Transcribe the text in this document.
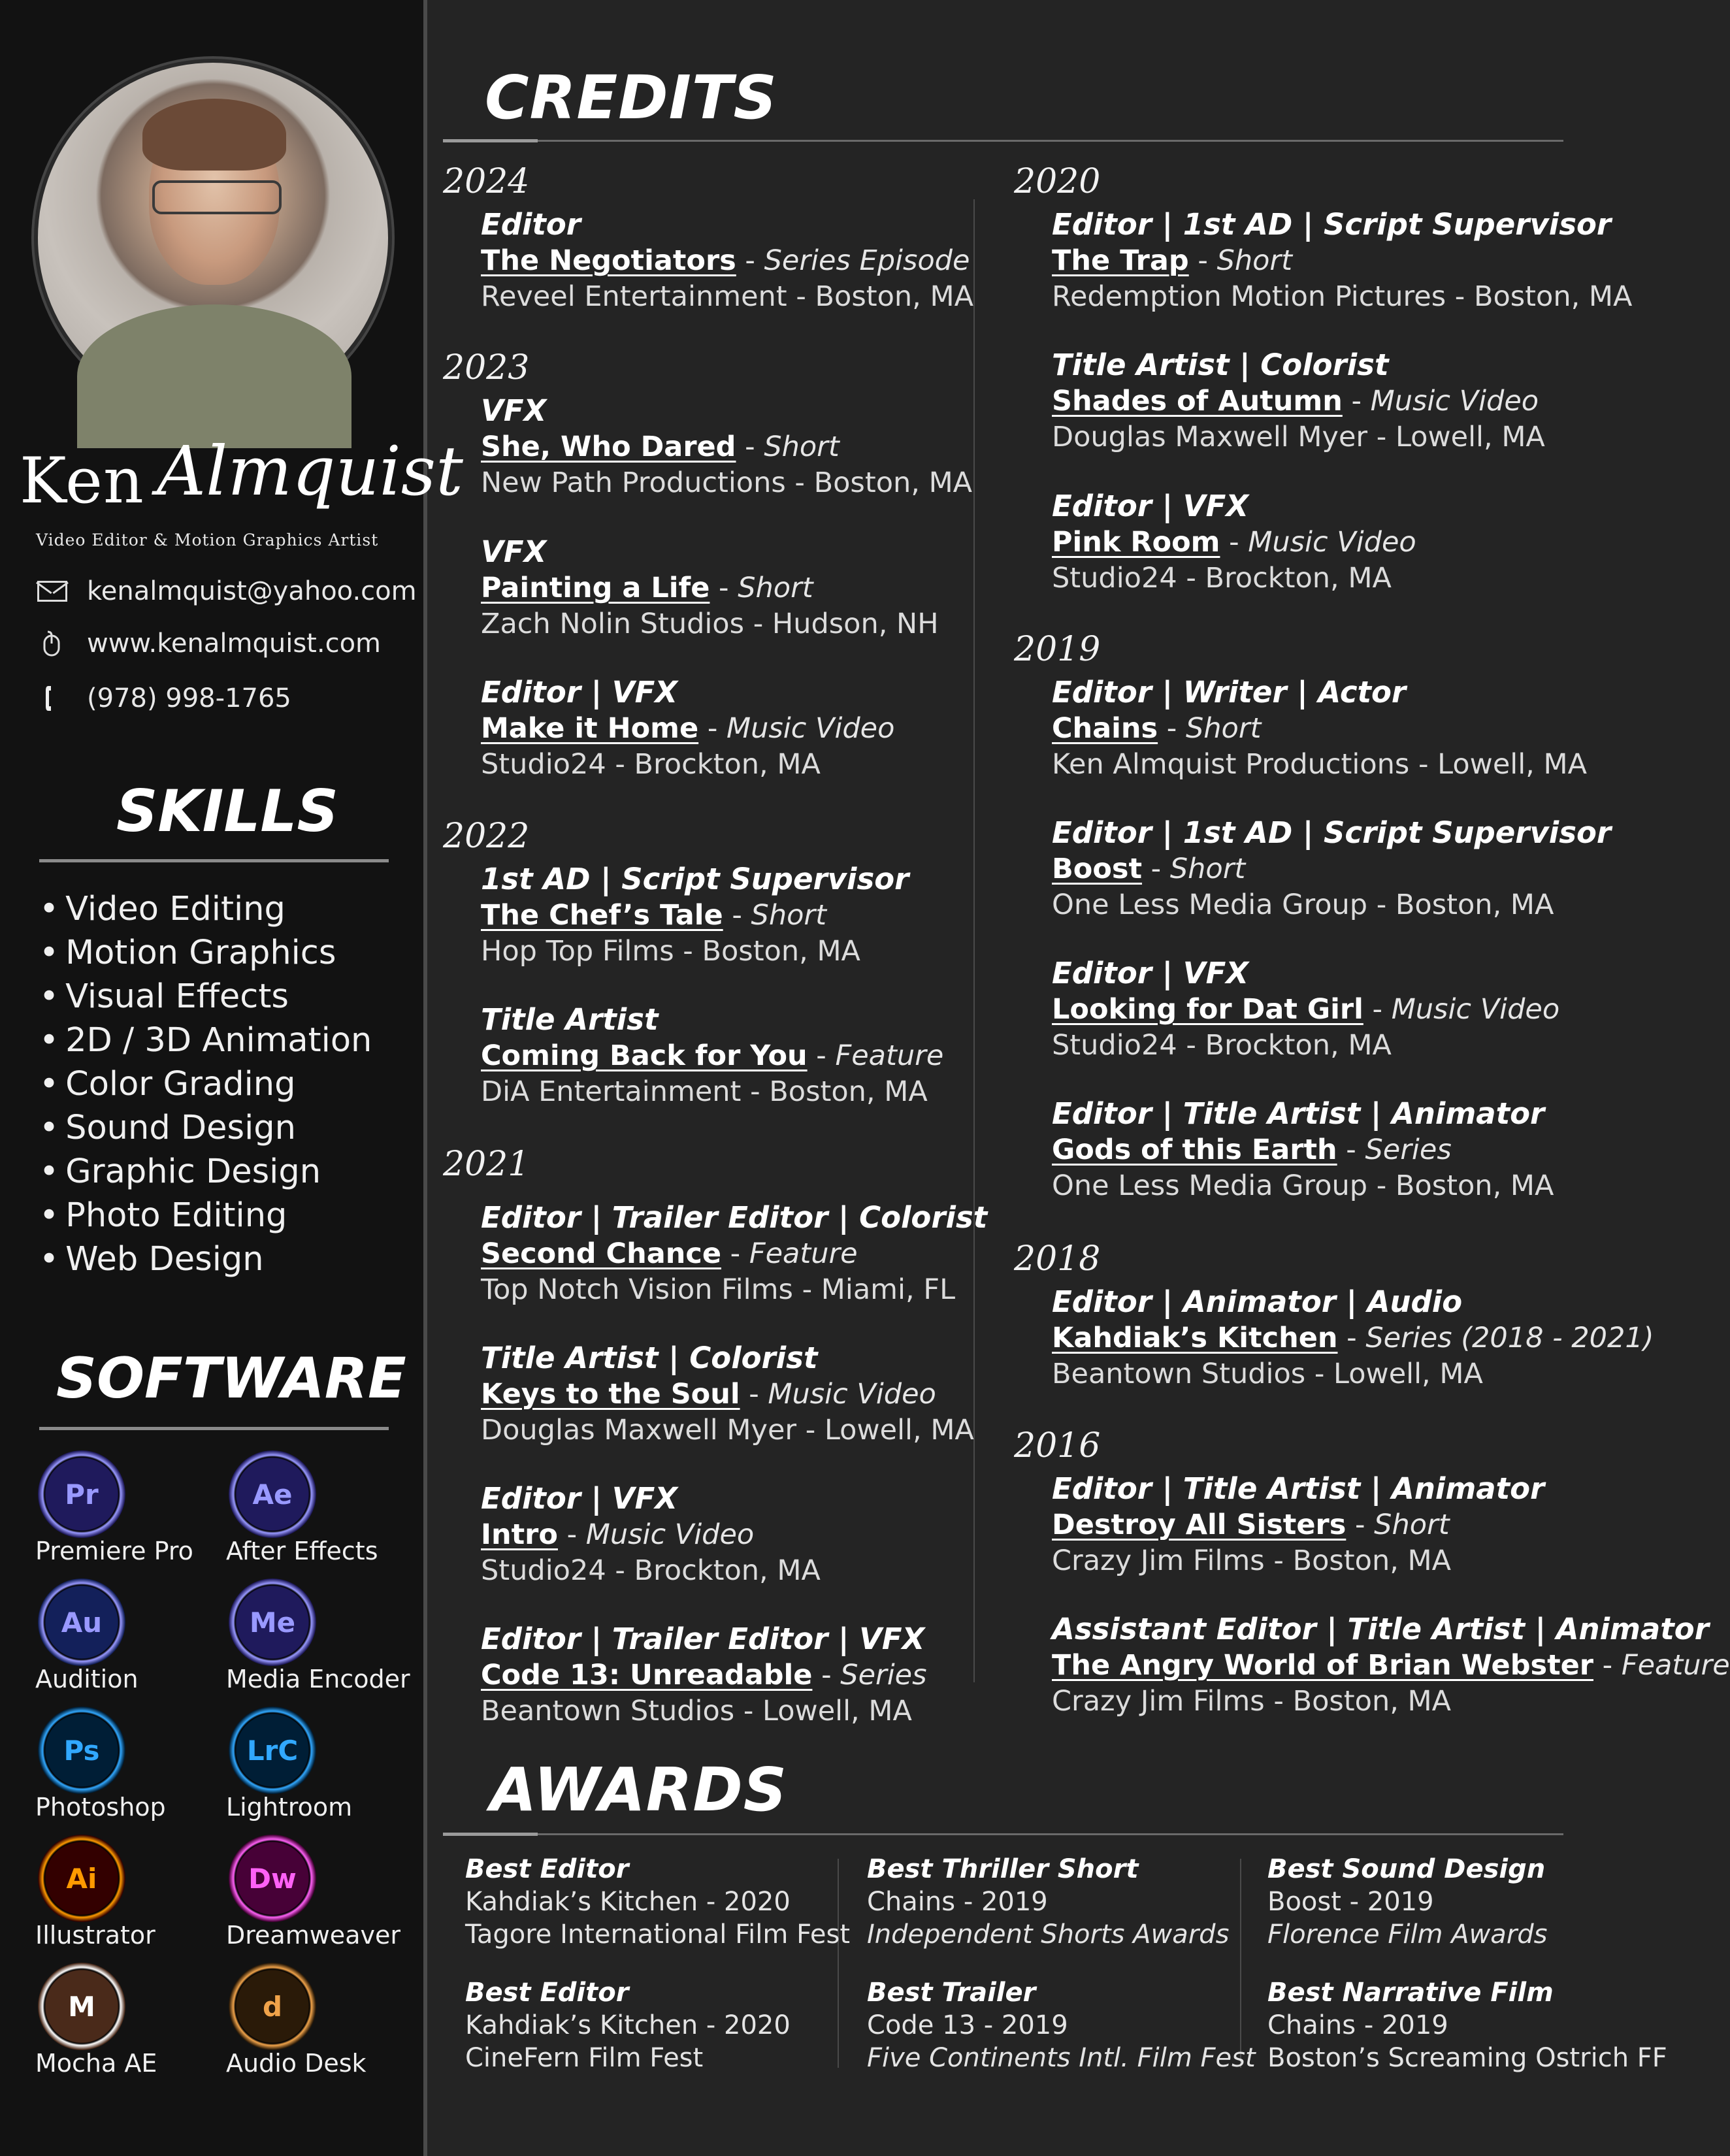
Ken Almquist
Video Editor & Motion Graphics Artist
kenalmquist@yahoo.com
www.kenalmquist.com
(978) 998-1765
SKILLS
• Video Editing
• Motion Graphics
• Visual Effects
• 2D / 3D Animation
• Color Grading
• Sound Design
• Graphic Design
• Photo Editing
• Web Design
SOFTWARE
Pr
Premiere Pro
Ae
After Effects
Au
Audition
Me
Media Encoder
Ps
Photoshop
LrC
Lightroom
Ai
Illustrator
Dw
Dreamweaver
M
Mocha AE
d
Audio Desk
CREDITS
2024
Editor
The Negotiators - Series Episode
Reveel Entertainment - Boston, MA
2023
VFX
She, Who Dared - Short
New Path Productions - Boston, MA
VFX
Painting a Life - Short
Zach Nolin Studios - Hudson, NH
Editor | VFX
Make it Home - Music Video
Studio24 - Brockton, MA
2022
1st AD | Script Supervisor
The Chef’s Tale - Short
Hop Top Films - Boston, MA
Title Artist
Coming Back for You - Feature
DiA Entertainment - Boston, MA
2021
Editor | Trailer Editor | Colorist
Second Chance - Feature
Top Notch Vision Films - Miami, FL
Title Artist | Colorist
Keys to the Soul - Music Video
Douglas Maxwell Myer - Lowell, MA
Editor | VFX
Intro - Music Video
Studio24 - Brockton, MA
Editor | Trailer Editor | VFX
Code 13: Unreadable - Series
Beantown Studios - Lowell, MA
2020
Editor | 1st AD | Script Supervisor
The Trap - Short
Redemption Motion Pictures - Boston, MA
Title Artist | Colorist
Shades of Autumn - Music Video
Douglas Maxwell Myer - Lowell, MA
Editor | VFX
Pink Room - Music Video
Studio24 - Brockton, MA
2019
Editor | Writer | Actor
Chains - Short
Ken Almquist Productions - Lowell, MA
Editor | 1st AD | Script Supervisor
Boost - Short
One Less Media Group - Boston, MA
Editor | VFX
Looking for Dat Girl - Music Video
Studio24 - Brockton, MA
Editor | Title Artist | Animator
Gods of this Earth - Series
One Less Media Group - Boston, MA
2018
Editor | Animator | Audio
Kahdiak’s Kitchen - Series (2018 - 2021)
Beantown Studios - Lowell, MA
2016
Editor | Title Artist | Animator
Destroy All Sisters - Short
Crazy Jim Films - Boston, MA
Assistant Editor | Title Artist | Animator
The Angry World of Brian Webster - Feature
Crazy Jim Films - Boston, MA
AWARDS
Best Editor
Kahdiak’s Kitchen - 2020
Tagore International Film Fest
Best Thriller Short
Chains - 2019
Independent Shorts Awards
Best Sound Design
Boost - 2019
Florence Film Awards
Best Editor
Kahdiak’s Kitchen - 2020
CineFern Film Fest
Best Trailer
Code 13 - 2019
Five Continents Intl. Film Fest
Best Narrative Film
Chains - 2019
Boston’s Screaming Ostrich FF
